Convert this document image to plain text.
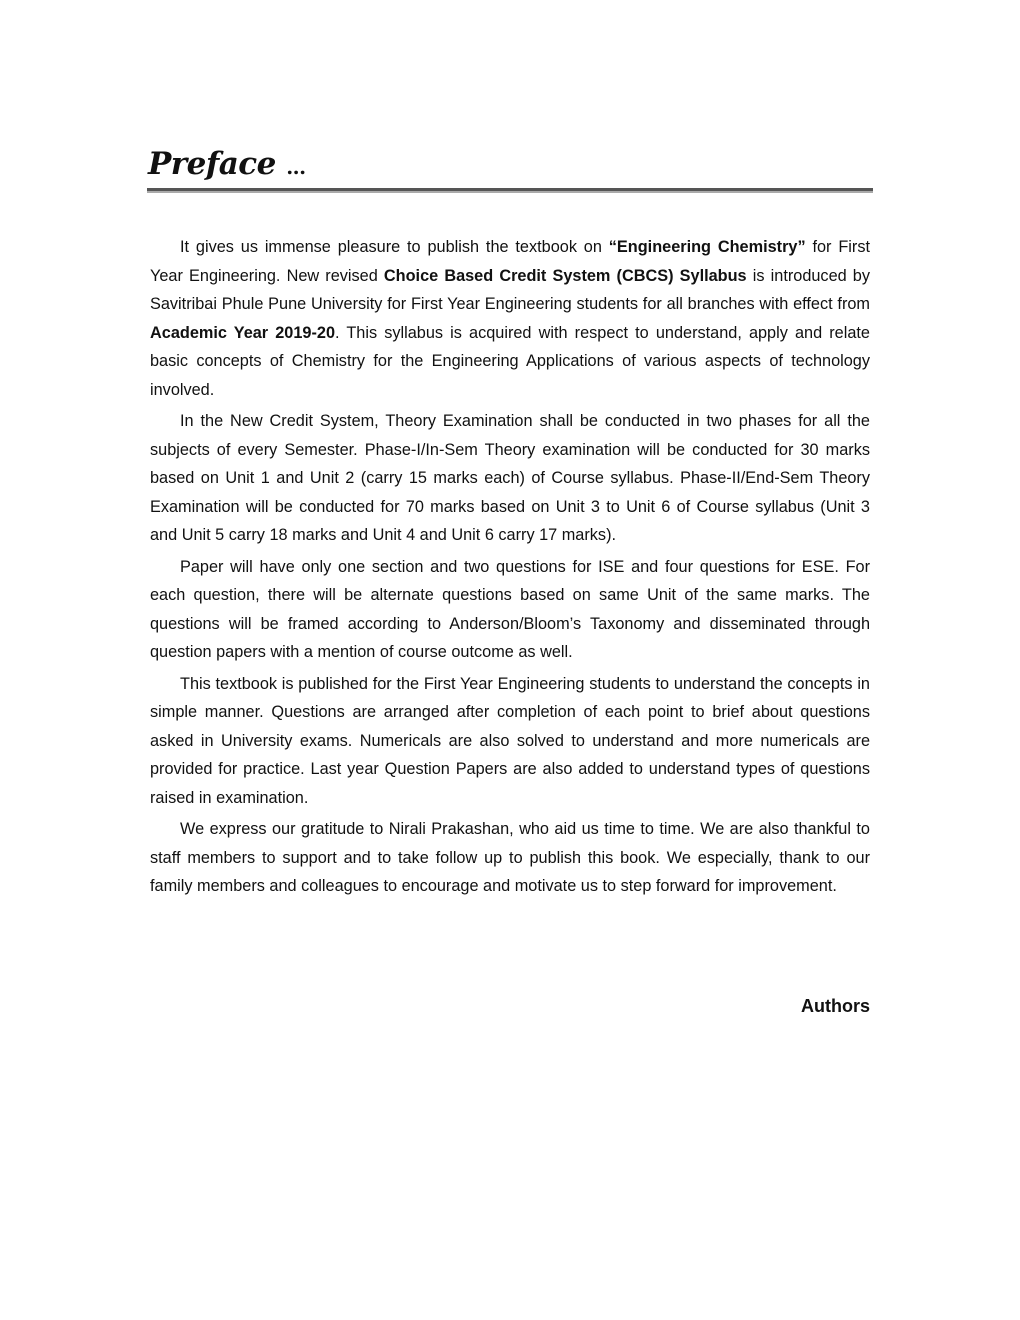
Preface ...

It gives us immense pleasure to publish the textbook on “Engineering Chemistry” for First Year Engineering. New revised Choice Based Credit System (CBCS) Syllabus is introduced by Savitribai Phule Pune University for First Year Engineering students for all branches with effect from Academic Year 2019-20. This syllabus is acquired with respect to understand, apply and relate basic concepts of Chemistry for the Engineering Applications of various aspects of technology involved.

In the New Credit System, Theory Examination shall be conducted in two phases for all the subjects of every Semester. Phase-I/In-Sem Theory examination will be conducted for 30 marks based on Unit 1 and Unit 2 (carry 15 marks each) of Course syllabus. Phase-II/End-Sem Theory Examination will be conducted for 70 marks based on Unit 3 to Unit 6 of Course syllabus (Unit 3 and Unit 5 carry 18 marks and Unit 4 and Unit 6 carry 17 marks).

Paper will have only one section and two questions for ISE and four questions for ESE. For each question, there will be alternate questions based on same Unit of the same marks. The questions will be framed according to Anderson/Bloom’s Taxonomy and disseminated through question papers with a mention of course outcome as well.

This textbook is published for the First Year Engineering students to understand the concepts in simple manner. Questions are arranged after completion of each point to brief about questions asked in University exams. Numericals are also solved to understand and more numericals are provided for practice. Last year Question Papers are also added to understand types of questions raised in examination.

We express our gratitude to Nirali Prakashan, who aid us time to time. We are also thankful to staff members to support and to take follow up to publish this book. We especially, thank to our family members and colleagues to encourage and motivate us to step forward for improvement.

Authors
